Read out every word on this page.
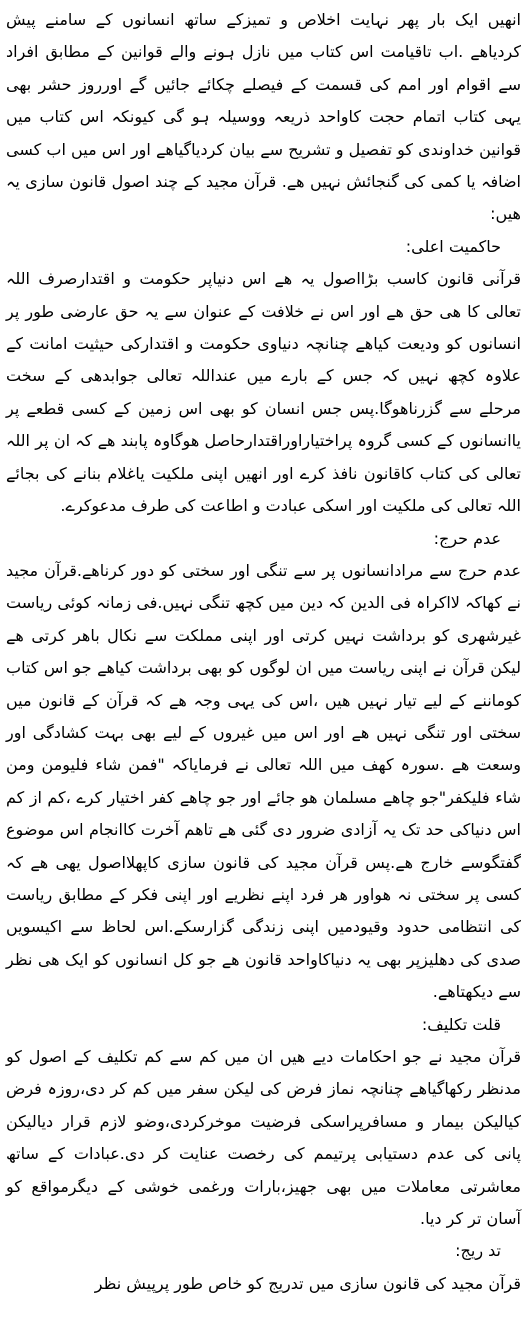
انھیں ایک بار پھر نہایت اخلاص و تمیزکے ساتھ انسانوں کے سامنے پیش کردیاھے .اب تاقیامت اس کتاب میں نازل ہونے والے قوانین کے مطابق افراد سے اقوام اور امم کی قسمت کے فیصلے چکائے جائیں گے اورروز حشر بھی یہی کتاب اتمام حجت کاواحد ذریعہ ووسیلہ ہو گی کیونکہ اس کتاب میں قوانین خداوندی کو تفصیل و تشریح سے بیان کردیاگیاھے اور اس میں اب کسی اضافہ یا کمی کی گنجائش نہیں ھے. قرآن مجید کے چند اصول قانون سازی یہ ھیں:

حاکمیت اعلی:

قرآنی قانون کاسب بڑااصول یہ ھے اس دنیاپر حکومت و اقتدارصرف اللہ تعالی کا ھی حق ھے اور اس نے خلافت کے عنوان سے یہ حق عارضی طور پر انسانوں کو ودیعت کیاھے چنانچہ دنیاوی حکومت و اقتدارکی حیثیت امانت کے علاوہ کچھ نہیں کہ جس کے بارے میں عنداللہ تعالی جوابدھی کے سخت مرحلے سے گزرناھوگا.پس جس انسان کو بھی اس زمین کے کسی قطعے پر یاانسانوں کے کسی گروہ پراختیاراوراقتدارحاصل ھوگاوہ پابند ھے کہ ان پر اللہ تعالی کی کتاب کاقانون نافذ کرے اور انھیں اپنی ملکیت یاغلام بنانے کی بجائے اللہ تعالی کی ملکیت اور اسکی عبادت و اطاعت کی طرف مدعوکرے.

عدم حرج:

عدم حرج سے مرادانسانوں پر سے تنگی اور سختی کو دور کرناھے.قرآن مجید نے کھاکہ لااکراہ فی الدین کہ دین میں کچھ تنگی نہیں.فی زمانہ کوئی ریاست غیرشھری کو برداشت نہیں کرتی اور اپنی مملکت سے نکال باھر کرتی ھے لیکن قرآن نے اپنی ریاست میں ان لوگوں کو بھی برداشت کیاھے جو اس کتاب کوماننے کے لیے تیار نہیں ھیں ،اس کی یہی وجہ ھے کہ قرآن کے قانون میں سختی اور تنگی نہیں ھے اور اس میں غیروں کے لیے بھی بہت کشادگی اور وسعت ھے .سورہ کھف میں اللہ تعالی نے فرمایاکہ "فمن شاء فلیومن ومن شاء فلیکفر"جو چاھے مسلمان ھو جائے اور جو چاھے کفر اختیار کرے ،کم از کم اس دنیاکی حد تک یہ آزادی ضرور دی گئی ھے تاھم آخرت کاانجام اس موضوع گفتگوسے خارج ھے.پس قرآن مجید کی قانون سازی کاپھلااصول یھی ھے کہ کسی پر سختی نہ ھواور ھر فرد اپنے نظریے اور اپنی فکر کے مطابق ریاست کی انتظامی حدود وقیودمیں اپنی زندگی گزارسکے.اس لحاظ سے اکیسویں صدی کی دھلیزپر بھی یہ دنیاکاواحد قانون ھے جو کل انسانوں کو ایک ھی نظر سے دیکھتاھے.

قلت تکلیف:

قرآن مجید نے جو احکامات دیے ھیں ان میں کم سے کم تکلیف کے اصول کو مدنظر رکھاگیاھے چنانچہ نماز فرض کی لیکن سفر میں کم کر دی،روزہ فرض کیالیکن بیمار و مسافرپراسکی فرضیت موخرکردی،وضو لازم قرار دیالیکن پانی کی عدم دستیابی پرتیمم کی رخصت عنایت کر دی.عبادات کے ساتھ معاشرتی معاملات میں بھی جھیز،بارات ورغمی خوشی کے دیگرمواقع کو آسان تر کر دیا.

تد ریج:

قرآن مجید کی قانون سازی میں تدریج کو خاص طور پرپیش نظر
